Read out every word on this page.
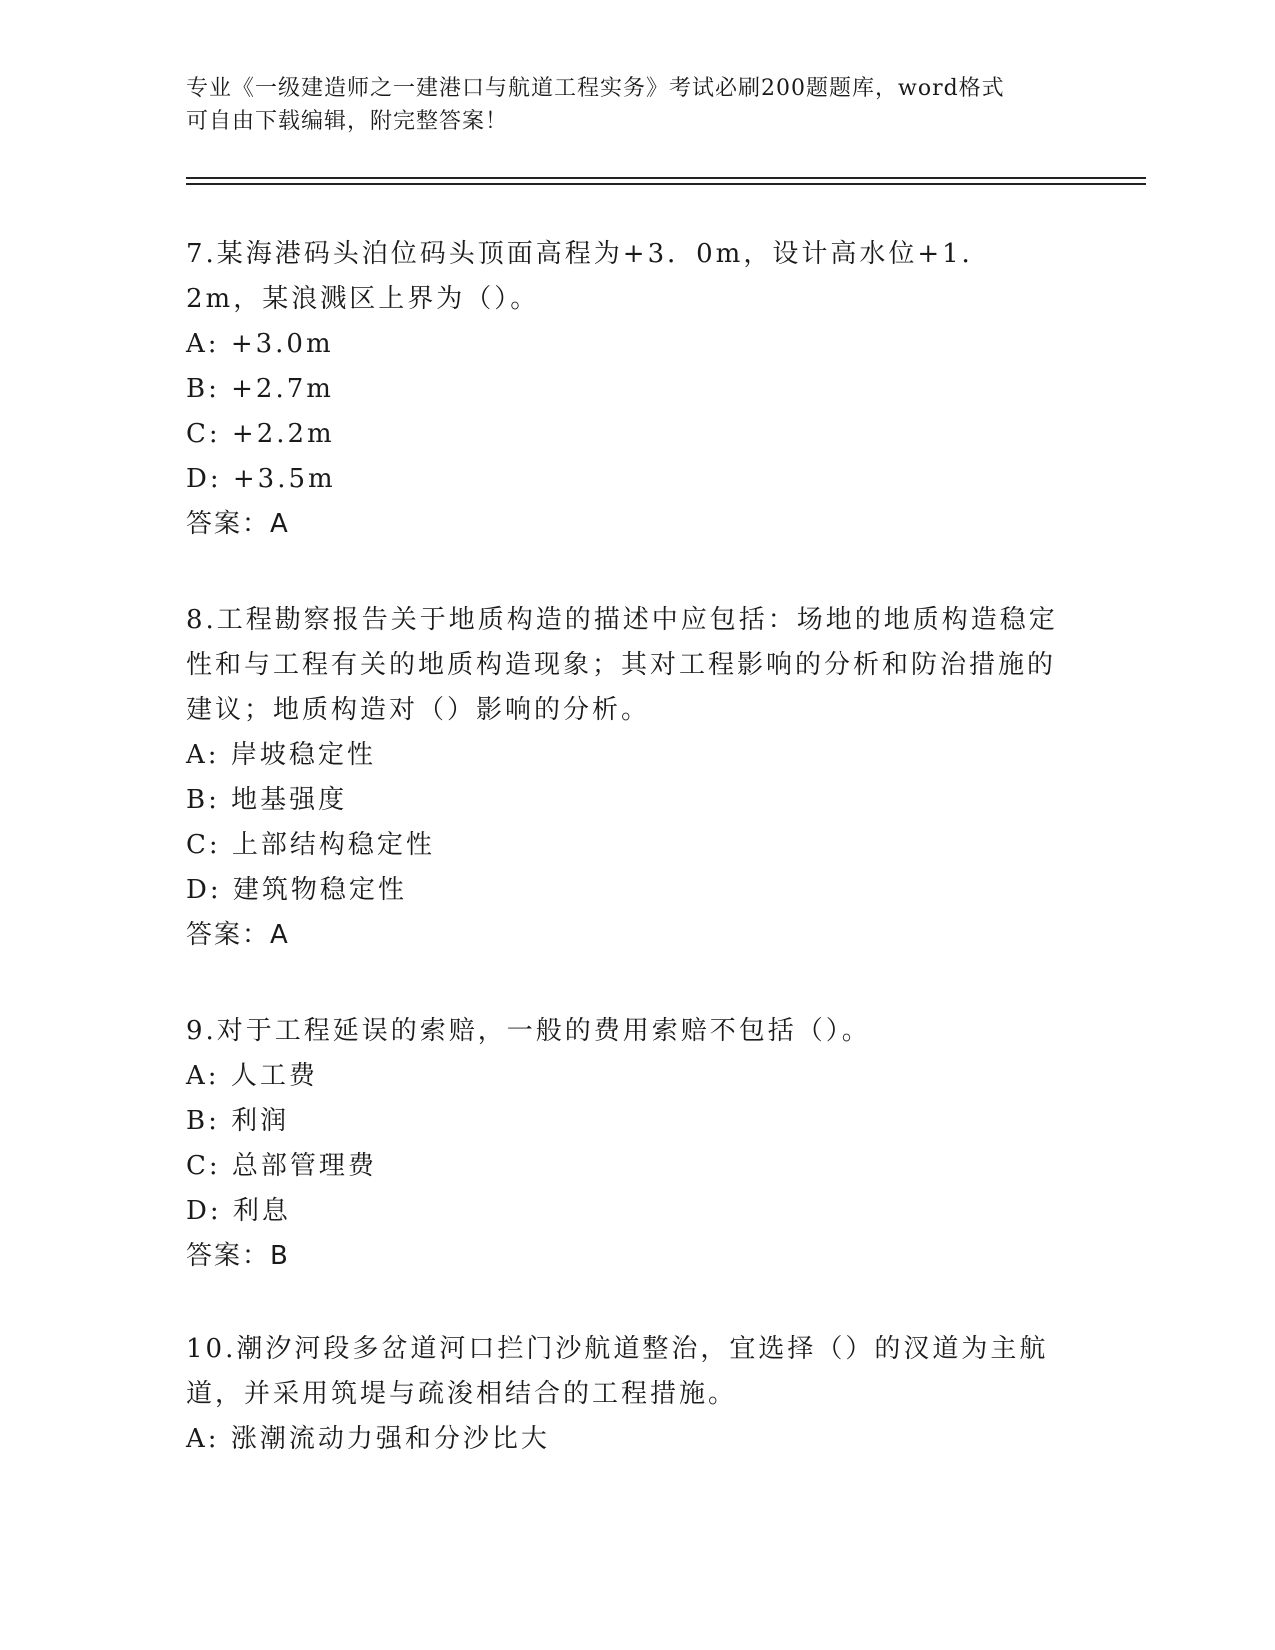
专业《一级建造师之一建港口与航道工程实务》考试必刷200题题库，word格式

可自由下载编辑，附完整答案！

7.某海港码头泊位码头顶面高程为+3．0m，设计高水位+1．2m，某浪溅区上界为（）。

A: +3.0m

B: +2.7m

C: +2.2m

D: +3.5m

答案：A

8.工程勘察报告关于地质构造的描述中应包括：场地的地质构造稳定性和与工程有关的地质构造现象；其对工程影响的分析和防治措施的建议；地质构造对（）影响的分析。

A: 岸坡稳定性

B: 地基强度

C: 上部结构稳定性

D: 建筑物稳定性

答案：A

9.对于工程延误的索赔，一般的费用索赔不包括（）。

A: 人工费

B: 利润

C: 总部管理费

D: 利息

答案：B

10.潮汐河段多岔道河口拦门沙航道整治，宜选择（）的汊道为主航道，并采用筑堤与疏浚相结合的工程措施。

A: 涨潮流动力强和分沙比大
